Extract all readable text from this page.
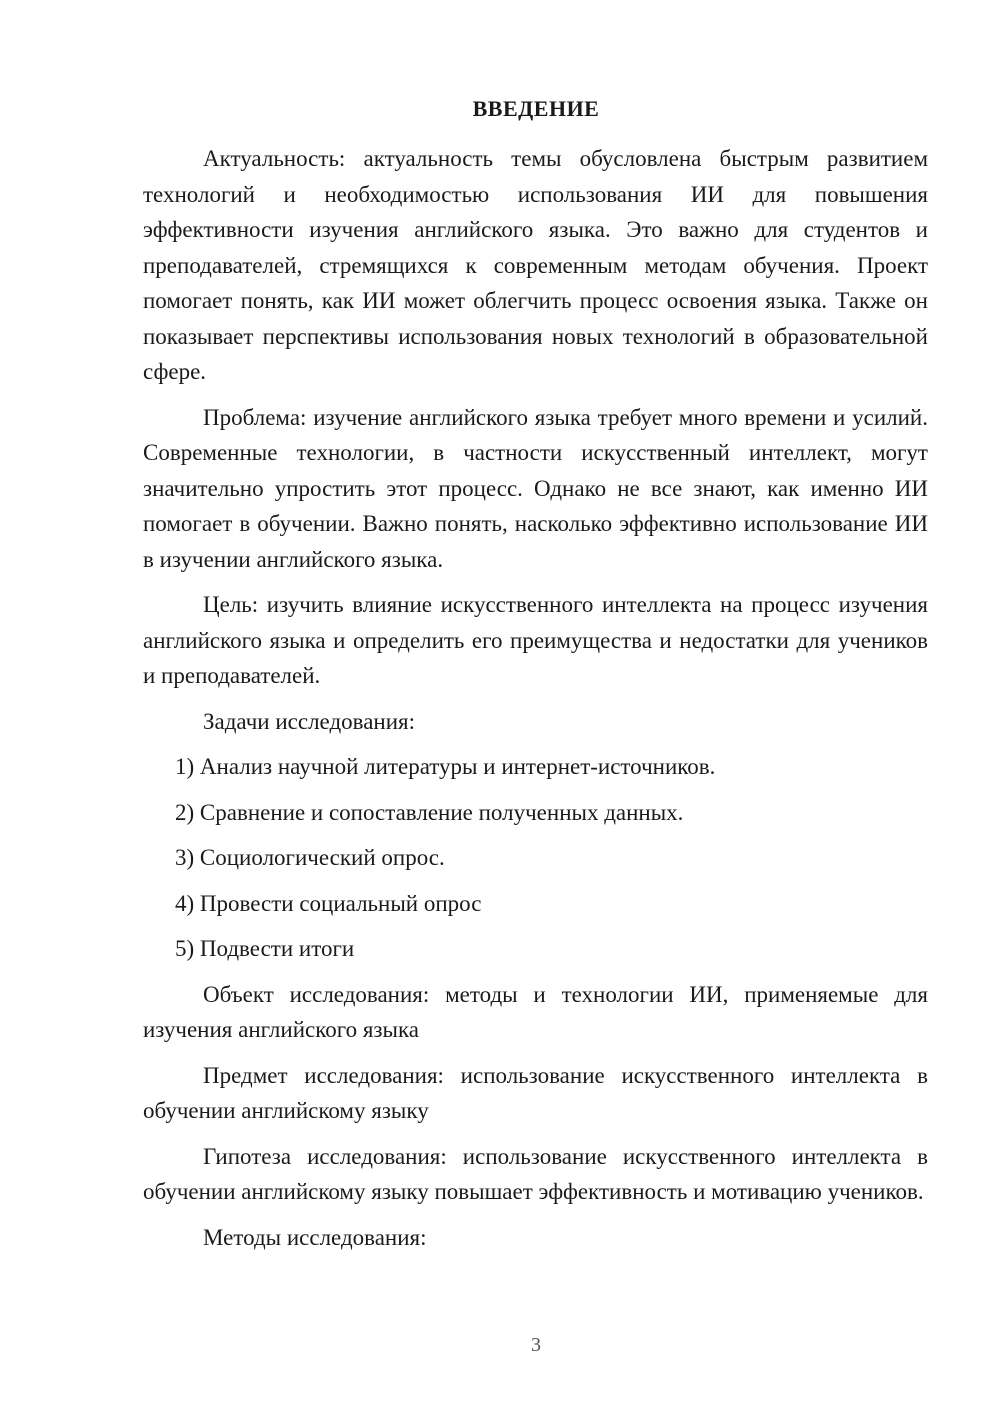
ВВЕДЕНИЕ

Актуальность: актуальность темы обусловлена быстрым развитием технологий и необходимостью использования ИИ для повышения эффективности изучения английского языка. Это важно для студентов и преподавателей, стремящихся к современным методам обучения. Проект помогает понять, как ИИ может облегчить процесс освоения языка. Также он показывает перспективы использования новых технологий в образовательной сфере.

Проблема: изучение английского языка требует много времени и усилий. Современные технологии, в частности искусственный интеллект, могут значительно упростить этот процесс. Однако не все знают, как именно ИИ помогает в обучении. Важно понять, насколько эффективно использование ИИ в изучении английского языка.

Цель: изучить влияние искусственного интеллекта на процесс изучения английского языка и определить его преимущества и недостатки для учеников и преподавателей.

Задачи исследования:

1) Анализ научной литературы и интернет-источников.

2) Сравнение и сопоставление полученных данных.

3) Социологический опрос.

4) Провести социальный опрос

5) Подвести итоги

Объект исследования: методы и технологии ИИ, применяемые для изучения английского языка

Предмет исследования: использование искусственного интеллекта в обучении английскому языку

Гипотеза исследования: использование искусственного интеллекта в обучении английскому языку повышает эффективность и мотивацию учеников.

Методы исследования:

3
